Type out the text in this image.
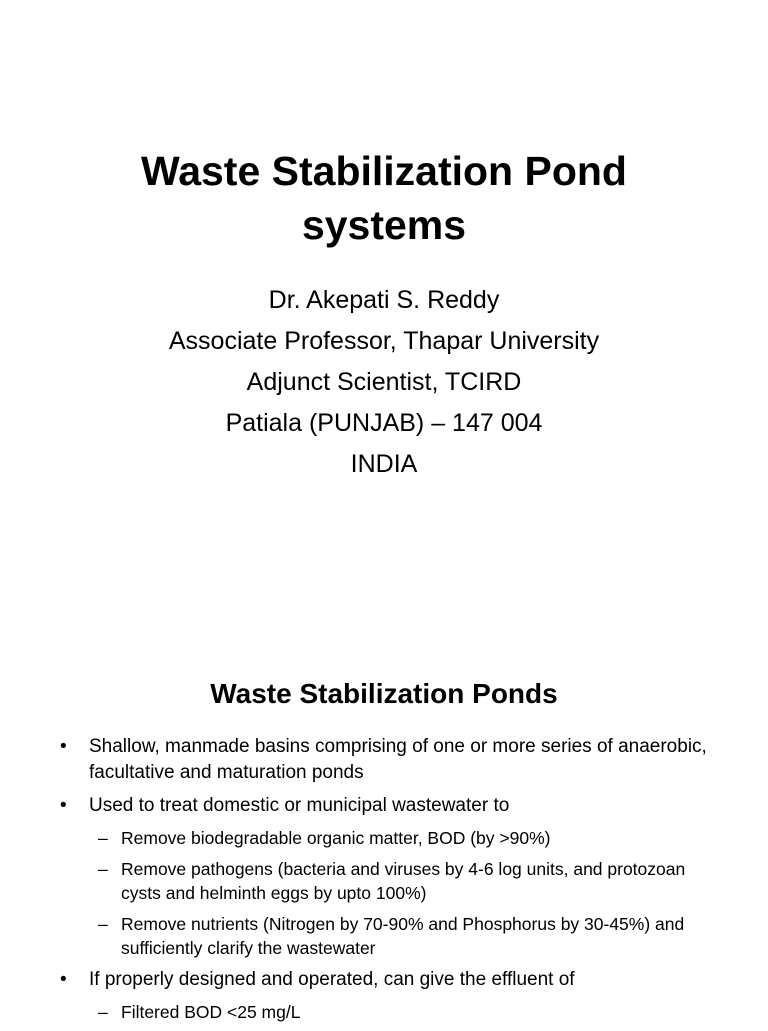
Waste Stabilization Pond
systems
Dr. Akepati S. Reddy
Associate Professor, Thapar University
Adjunct Scientist, TCIRD
Patiala (PUNJAB) – 147 004
INDIA
Waste Stabilization Ponds
• Shallow, manmade basins comprising of one or more series of anaerobic, facultative and maturation ponds
• Used to treat domestic or municipal wastewater to
– Remove biodegradable organic matter, BOD (by >90%)
– Remove pathogens (bacteria and viruses by 4-6 log units, and protozoan cysts and helminth eggs by upto 100%)
– Remove nutrients (Nitrogen by 70-90% and Phosphorus by 30-45%) and sufficiently clarify the wastewater
• If properly designed and operated, can give the effluent of
– Filtered BOD <25 mg/L
